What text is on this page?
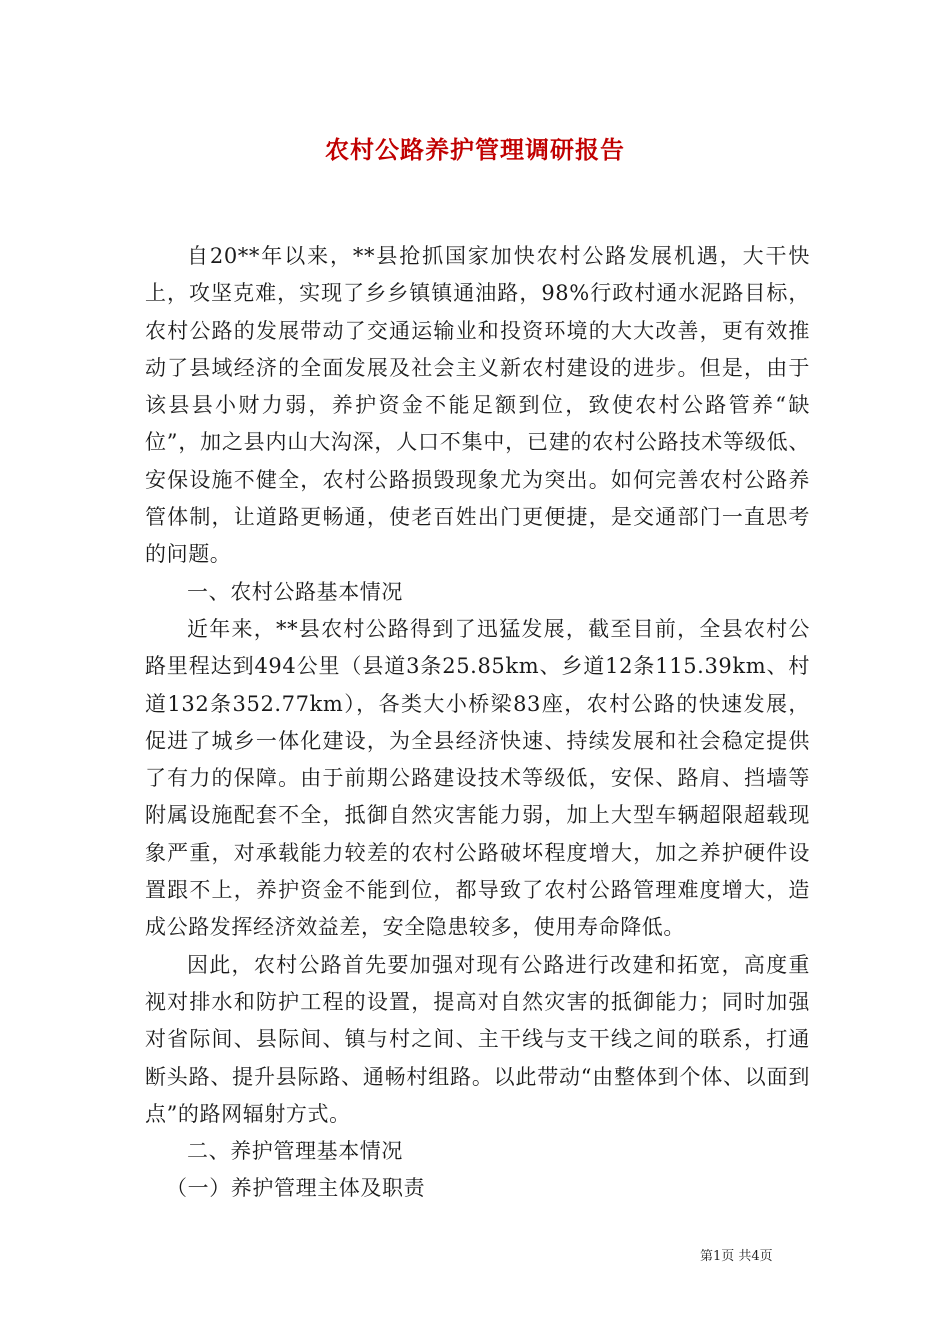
农村公路养护管理调研报告

自20**年以来，**县抢抓国家加快农村公路发展机遇，大干快上，攻坚克难，实现了乡乡镇镇通油路，98%行政村通水泥路目标，农村公路的发展带动了交通运输业和投资环境的大大改善，更有效推动了县域经济的全面发展及社会主义新农村建设的进步。但是，由于该县县小财力弱，养护资金不能足额到位，致使农村公路管养“缺位”，加之县内山大沟深，人口不集中，已建的农村公路技术等级低、安保设施不健全，农村公路损毁现象尤为突出。如何完善农村公路养管体制，让道路更畅通，使老百姓出门更便捷，是交通部门一直思考的问题。

一、农村公路基本情况

近年来，**县农村公路得到了迅猛发展，截至目前，全县农村公路里程达到494公里（县道3条25.85km、乡道12条115.39km、村道132条352.77km），各类大小桥梁83座，农村公路的快速发展，促进了城乡一体化建设，为全县经济快速、持续发展和社会稳定提供了有力的保障。由于前期公路建设技术等级低，安保、路肩、挡墙等附属设施配套不全，抵御自然灾害能力弱，加上大型车辆超限超载现象严重，对承载能力较差的农村公路破坏程度增大，加之养护硬件设置跟不上，养护资金不能到位，都导致了农村公路管理难度增大，造成公路发挥经济效益差，安全隐患较多，使用寿命降低。

因此，农村公路首先要加强对现有公路进行改建和拓宽，高度重视对排水和防护工程的设置，提高对自然灾害的抵御能力；同时加强对省际间、县际间、镇与村之间、主干线与支干线之间的联系，打通断头路、提升县际路、通畅村组路。以此带动“由整体到个体、以面到点”的路网辐射方式。

二、养护管理基本情况

（一）养护管理主体及职责

第1页 共4页
